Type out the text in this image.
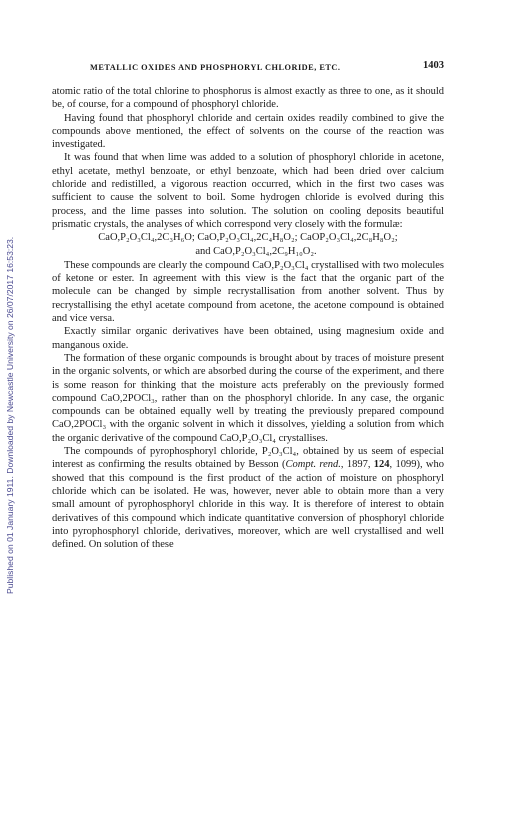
Published on 01 January 1911. Downloaded by Newcastle University on 26/07/2017 16:53:23.
METALLIC OXIDES AND PHOSPHORYL CHLORIDE, ETC.	1403

atomic ratio of the total chlorine to phosphorus is almost exactly as three to one, as it should be, of course, for a compound of phosphoryl chloride.

Having found that phosphoryl chloride and certain oxides readily combined to give the compounds above mentioned, the effect of solvents on the course of the reaction was investigated.

It was found that when lime was added to a solution of phosphoryl chloride in acetone, ethyl acetate, methyl benzoate, or ethyl benzoate, which had been dried over calcium chloride and redistilled, a vigorous reaction occurred, which in the first two cases was sufficient to cause the solvent to boil. Some hydrogen chloride is evolved during this process, and the lime passes into solution. The solution on cooling deposits beautiful prismatic crystals, the analyses of which correspond very closely with the formulæ:

CaO,P₂O₃Cl₄,2C₃H₆O; CaO,P₂O₃Cl₄,2C₄H₈O₂; CaOP₂O₃Cl₄,2C₈H₈O₂;

and CaO,P₂O₃Cl₄,2C₉H₁₀O₂.

These compounds are clearly the compound CaO,P₂O₃Cl₄ crystallised with two molecules of ketone or ester. In agreement with this view is the fact that the organic part of the molecule can be changed by simple recrystallisation from another solvent. Thus by recrystallising the ethyl acetate compound from acetone, the acetone compound is obtained and vice versa.

Exactly similar organic derivatives have been obtained, using magnesium oxide and manganous oxide.

The formation of these organic compounds is brought about by traces of moisture present in the organic solvents, or which are absorbed during the course of the experiment, and there is some reason for thinking that the moisture acts preferably on the previously formed compound CaO,2POCl₃, rather than on the phosphoryl chloride. In any case, the organic compounds can be obtained equally well by treating the previously prepared compound CaO,2POCl₃ with the organic solvent in which it dissolves, yielding a solution from which the organic derivative of the compound CaO,P₂O₃Cl₄ crystallises.

The compounds of pyrophosphoryl chloride, P₂O₃Cl₄, obtained by us seem of especial interest as confirming the results obtained by Besson (Compt. rend., 1897, 124, 1099), who showed that this compound is the first product of the action of moisture on phosphoryl chloride which can be isolated. He was, however, never able to obtain more than a very small amount of pyrophosphoryl chloride in this way. It is therefore of interest to obtain derivatives of this compound which indicate quantitative conversion of phosphoryl chloride into pyrophosphoryl chloride, derivatives, moreover, which are well crystallised and well defined. On solution of these
